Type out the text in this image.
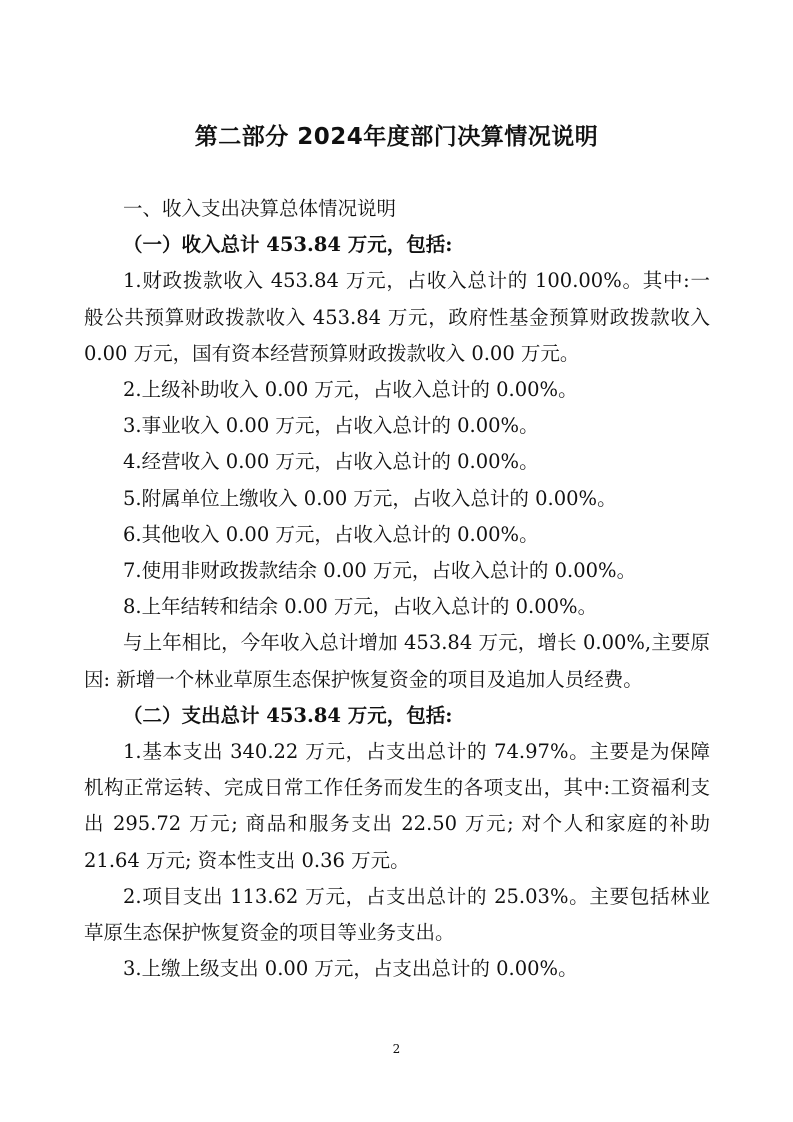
第二部分 2024年度部门决算情况说明

一、收入支出决算总体情况说明

（一）收入总计 453.84 万元，包括:

1.财政拨款收入 453.84 万元，占收入总计的 100.00%。其中:一般公共预算财政拨款收入 453.84 万元，政府性基金预算财政拨款收入 0.00 万元，国有资本经营预算财政拨款收入 0.00 万元。

2.上级补助收入 0.00 万元，占收入总计的 0.00%。

3.事业收入 0.00 万元，占收入总计的 0.00%。

4.经营收入 0.00 万元，占收入总计的 0.00%。

5.附属单位上缴收入 0.00 万元，占收入总计的 0.00%。

6.其他收入 0.00 万元，占收入总计的 0.00%。

7.使用非财政拨款结余 0.00 万元，占收入总计的 0.00%。

8.上年结转和结余 0.00 万元，占收入总计的 0.00%。

与上年相比，今年收入总计增加 453.84 万元，增长 0.00%,主要原因: 新增一个林业草原生态保护恢复资金的项目及追加人员经费。

（二）支出总计 453.84 万元，包括:

1.基本支出 340.22 万元，占支出总计的 74.97%。主要是为保障机构正常运转、完成日常工作任务而发生的各项支出，其中:工资福利支出 295.72 万元; 商品和服务支出 22.50 万元; 对个人和家庭的补助 21.64 万元; 资本性支出 0.36 万元。

2.项目支出 113.62 万元，占支出总计的 25.03%。主要包括林业草原生态保护恢复资金的项目等业务支出。

3.上缴上级支出 0.00 万元，占支出总计的 0.00%。

2
